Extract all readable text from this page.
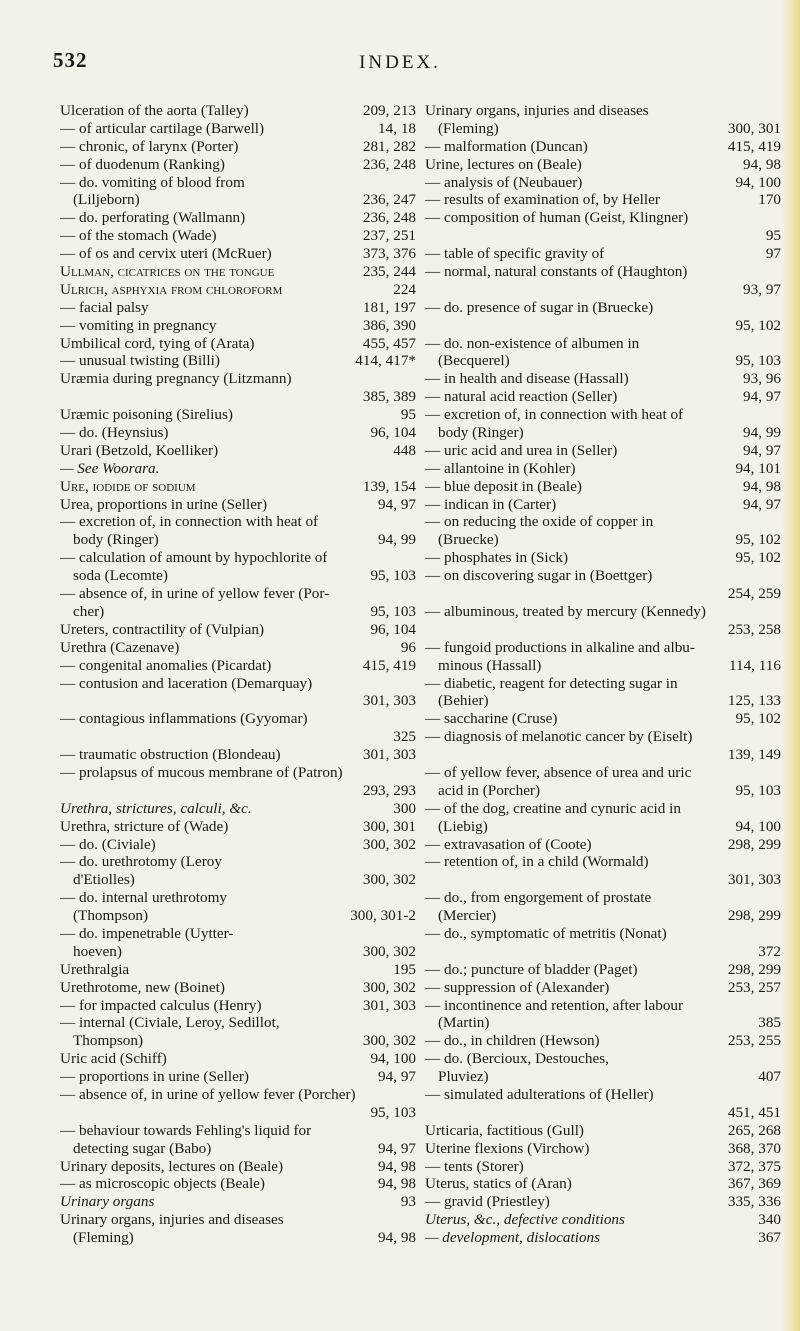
532	INDEX.
Ulceration of the aorta (Talley)	209, 213
— of articular cartilage (Barwell)	14, 18
— chronic, of larynx (Porter)	281, 282
— of duodenum (Ranking)	236, 248
— do. vomiting of blood from
(Liljeborn)	236, 247
— do. perforating (Wallmann)	236, 248
— of the stomach (Wade)	237, 251
— of os and cervix uteri (McRuer)	373, 376
Ullman, cicatrices on the tongue	235, 244
Ulrich, asphyxia from chloroform	224
— facial palsy	181, 197
— vomiting in pregnancy	386, 390
Umbilical cord, tying of (Arata)	455, 457
— unusual twisting (Billi)	414, 417*
Uræmia during pregnancy (Litzmann)
385, 389
Uræmic poisoning (Sirelius)	95
— do. (Heynsius)	96, 104
Urari (Betzold, Koelliker)	448
— See Woorara.
Ure, iodide of sodium	139, 154
Urea, proportions in urine (Seller)	94, 97
— excretion of, in connection with heat of
body (Ringer)	94, 99
— calculation of amount by hypochlorite of
soda (Lecomte)	95, 103
— absence of, in urine of yellow fever (Por-
cher)	95, 103
Ureters, contractility of (Vulpian)	96, 104
Urethra (Cazenave)	96
— congenital anomalies (Picardat)	415, 419
— contusion and laceration (Demarquay)
301, 303
— contagious inflammations (Gyyomar)
325
— traumatic obstruction (Blondeau)	301, 303
— prolapsus of mucous membrane of (Patron)
293, 293
Urethra, strictures, calculi, &c.	300
Urethra, stricture of (Wade)	300, 301
— do. (Civiale)	300, 302
— do. urethrotomy (Leroy
d'Etiolles)	300, 302
— do. internal urethrotomy
(Thompson)	300, 301-2
— do. impenetrable (Uytter-
hoeven)	300, 302
Urethralgia	195
Urethrotome, new (Boinet)	300, 302
— for impacted calculus (Henry)	301, 303
— internal (Civiale, Leroy, Sedillot,
Thompson)	300, 302
Uric acid (Schiff)	94, 100
— proportions in urine (Seller)	94, 97
— absence of, in urine of yellow fever (Porcher)
95, 103
— behaviour towards Fehling's liquid for
detecting sugar (Babo)	94, 97
Urinary deposits, lectures on (Beale)	94, 98
— as microscopic objects (Beale)	94, 98
Urinary organs	93
Urinary organs, injuries and diseases
(Fleming)	94, 98
Urinary organs, injuries and diseases
(Fleming)	300, 301
— malformation (Duncan)	415, 419
Urine, lectures on (Beale)	94, 98
— analysis of (Neubauer)	94, 100
— results of examination of, by Heller	170
— composition of human (Geist, Klingner)
95
— table of specific gravity of	97
— normal, natural constants of (Haughton)
93, 97
— do. presence of sugar in (Bruecke)
95, 102
— do. non-existence of albumen in
(Becquerel)	95, 103
— in health and disease (Hassall)	93, 96
— natural acid reaction (Seller)	94, 97
— excretion of, in connection with heat of
body (Ringer)	94, 99
— uric acid and urea in (Seller)	94, 97
— allantoine in (Kohler)	94, 101
— blue deposit in (Beale)	94, 98
— indican in (Carter)	94, 97
— on reducing the oxide of copper in
(Bruecke)	95, 102
— phosphates in (Sick)	95, 102
— on discovering sugar in (Boettger)
254, 259
— albuminous, treated by mercury (Kennedy)
253, 258
— fungoid productions in alkaline and albu-
minous (Hassall)	114, 116
— diabetic, reagent for detecting sugar in
(Behier)	125, 133
— saccharine (Cruse)	95, 102
— diagnosis of melanotic cancer by (Eiselt)
139, 149
— of yellow fever, absence of urea and uric
acid in (Porcher)	95, 103
— of the dog, creatine and cynuric acid in
(Liebig)	94, 100
— extravasation of (Coote)	298, 299
— retention of, in a child (Wormald)
301, 303
— do., from engorgement of prostate
(Mercier)	298, 299
— do., symptomatic of metritis (Nonat)
372
— do.; puncture of bladder (Paget)	298, 299
— suppression of (Alexander)	253, 257
— incontinence and retention, after labour
(Martin)	385
— do., in children (Hewson)	253, 255
— do. (Bercioux, Destouches,
Pluviez)	407
— simulated adulterations of (Heller)
451, 451
Urticaria, factitious (Gull)	265, 268
Uterine flexions (Virchow)	368, 370
— tents (Storer)	372, 375
Uterus, statics of (Aran)	367, 369
— gravid (Priestley)	335, 336
Uterus, &c., defective conditions	340
— development, dislocations	367
